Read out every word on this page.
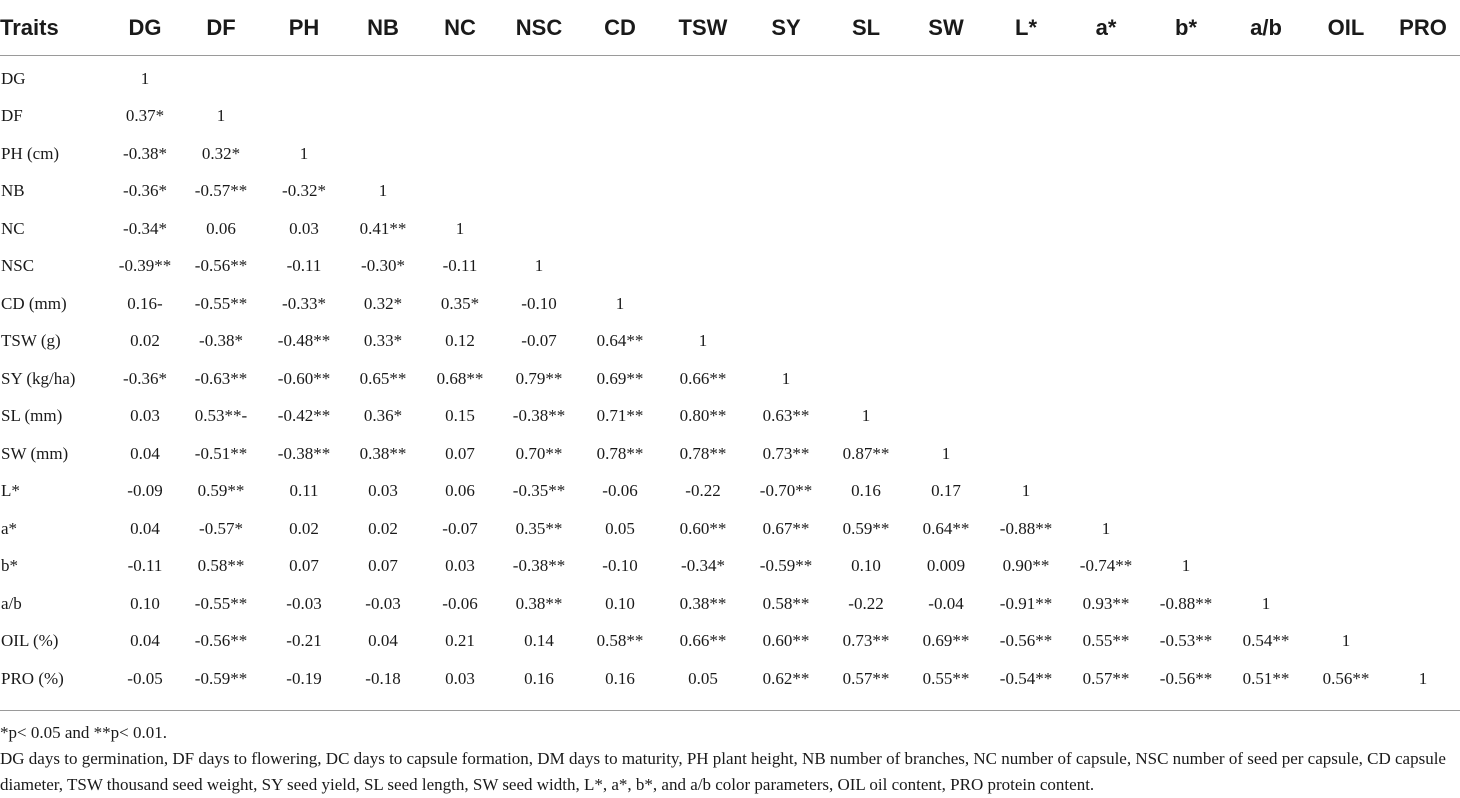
Traits	DG	DF	PH	NB	NC	NSC	CD	TSW	SY	SL	SW	L*	a*	b*	a/b	OIL	PRO
DG	1																
DF	0.37*	1															
PH (cm)	-0.38*	0.32*	1														
NB	-0.36*	-0.57**	-0.32*	1													
NC	-0.34*	0.06	0.03	0.41**	1												
NSC	-0.39**	-0.56**	-0.11	-0.30*	-0.11	1											
CD (mm)	0.16-	-0.55**	-0.33*	0.32*	0.35*	-0.10	1										
TSW (g)	0.02	-0.38*	-0.48**	0.33*	0.12	-0.07	0.64**	1									
SY (kg/ha)	-0.36*	-0.63**	-0.60**	0.65**	0.68**	0.79**	0.69**	0.66**	1								
SL (mm)	0.03	0.53**-	-0.42**	0.36*	0.15	-0.38**	0.71**	0.80**	0.63**	1							
SW (mm)	0.04	-0.51**	-0.38**	0.38**	0.07	0.70**	0.78**	0.78**	0.73**	0.87**	1						
L*	-0.09	0.59**	0.11	0.03	0.06	-0.35**	-0.06	-0.22	-0.70**	0.16	0.17	1					
a*	0.04	-0.57*	0.02	0.02	-0.07	0.35**	0.05	0.60**	0.67**	0.59**	0.64**	-0.88**	1				
b*	-0.11	0.58**	0.07	0.07	0.03	-0.38**	-0.10	-0.34*	-0.59**	0.10	0.009	0.90**	-0.74**	1			
a/b	0.10	-0.55**	-0.03	-0.03	-0.06	0.38**	0.10	0.38**	0.58**	-0.22	-0.04	-0.91**	0.93**	-0.88**	1		
OIL (%)	0.04	-0.56**	-0.21	0.04	0.21	0.14	0.58**	0.66**	0.60**	0.73**	0.69**	-0.56**	0.55**	-0.53**	0.54**	1	
PRO (%)	-0.05	-0.59**	-0.19	-0.18	0.03	0.16	0.16	0.05	0.62**	0.57**	0.55**	-0.54**	0.57**	-0.56**	0.51**	0.56**	1

*p< 0.05 and **p< 0.01.

DG days to germination, DF days to flowering, DC days to capsule formation, DM days to maturity, PH plant height, NB number of branches, NC number of capsule, NSC number of seed per capsule, CD capsule diameter, TSW thousand seed weight, SY seed yield, SL seed length, SW seed width, L*, a*, b*, and a/b color parameters, OIL oil content, PRO protein content.
